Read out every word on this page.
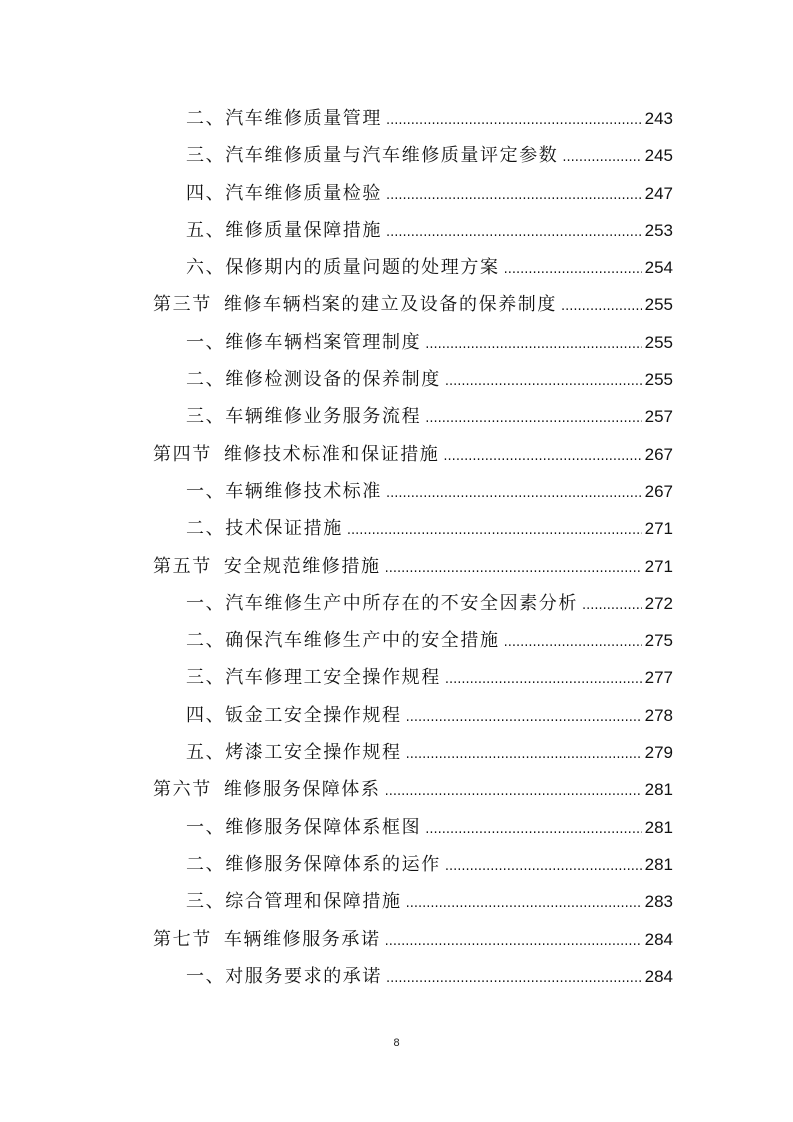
二、汽车维修质量管理 .....	243
三、汽车维修质量与汽车维修质量评定参数 .....	245
四、汽车维修质量检验 .....	247
五、维修质量保障措施 .....	253
六、保修期内的质量问题的处理方案 .....	254
第三节 维修车辆档案的建立及设备的保养制度 .....	255
一、维修车辆档案管理制度 .....	255
二、维修检测设备的保养制度 .....	255
三、车辆维修业务服务流程 .....	257
第四节 维修技术标准和保证措施 .....	267
一、车辆维修技术标准 .....	267
二、技术保证措施 .....	271
第五节 安全规范维修措施 .....	271
一、汽车维修生产中所存在的不安全因素分析 .....	272
二、确保汽车维修生产中的安全措施 .....	275
三、汽车修理工安全操作规程 .....	277
四、钣金工安全操作规程 .....	278
五、烤漆工安全操作规程 .....	279
第六节 维修服务保障体系 .....	281
一、维修服务保障体系框图 .....	281
二、维修服务保障体系的运作 .....	281
三、综合管理和保障措施 .....	283
第七节 车辆维修服务承诺 .....	284
一、对服务要求的承诺 .....	284
8
